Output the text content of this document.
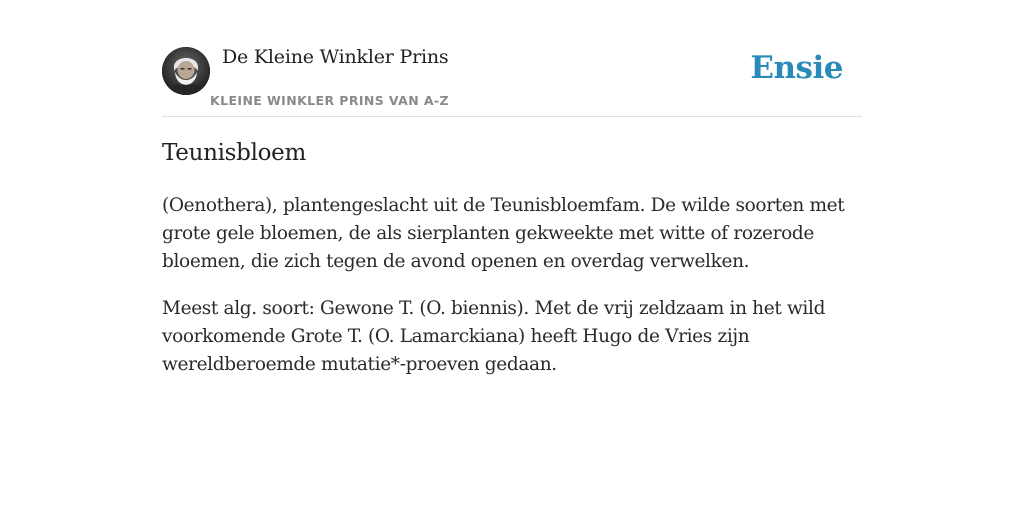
De Kleine Winkler Prins
KLEINE WINKLER PRINS VAN A-Z
Ensie
Teunisbloem

(Oenothera), plantengeslacht uit de Teunisbloemfam. De wilde soorten met grote gele bloemen, de als sierplanten gekweekte met witte of rozerode bloemen, die zich tegen de avond openen en overdag verwelken.

Meest alg. soort: Gewone T. (O. biennis). Met de vrij zeldzaam in het wild voorkomende Grote T. (O. Lamarckiana) heeft Hugo de Vries zijn wereldberoemde mutatie*-proeven gedaan.
